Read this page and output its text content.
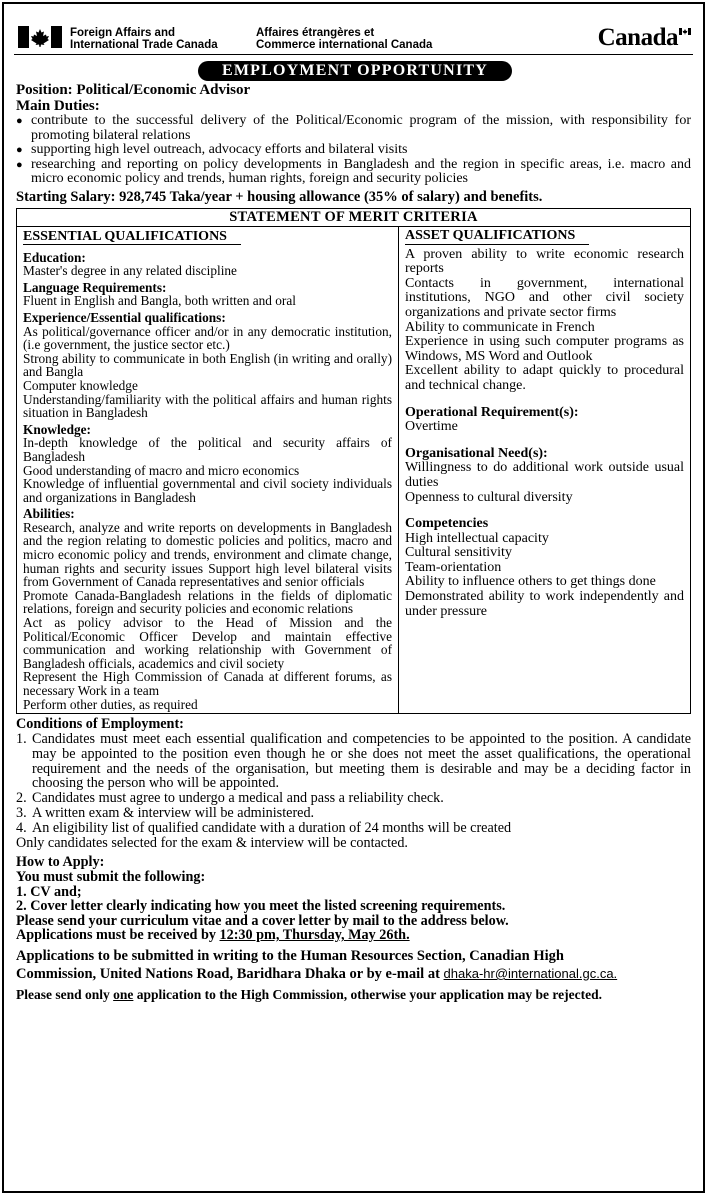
Foreign Affairs and
International Trade Canada
Affaires étrangères et
Commerce international Canada	Canada
EMPLOYMENT OPPORTUNITY
Position: Political/Economic Advisor
Main Duties:
● contribute to the successful delivery of the Political/Economic program of the mission, with responsibility for promoting bilateral relations
● supporting high level outreach, advocacy efforts and bilateral visits
● researching and reporting on policy developments in Bangladesh and the region in specific areas, i.e. macro and micro economic policy and trends, human rights, foreign and security policies
Starting Salary: 928,745 Taka/year + housing allowance (35% of salary) and benefits.
STATEMENT OF MERIT CRITERIA
ESSENTIAL QUALIFICATIONS
Education:
Master's degree in any related discipline
Language Requirements:
Fluent in English and Bangla, both written and oral
Experience/Essential qualifications:
As political/governance officer and/or in any democratic institution, (i.e government, the justice sector etc.)
Strong ability to communicate in both English (in writing and orally) and Bangla
Computer knowledge
Understanding/familiarity with the political affairs and human rights situation in Bangladesh
Knowledge:
In-depth knowledge of the political and security affairs of Bangladesh
Good understanding of macro and micro economics
Knowledge of influential governmental and civil society individuals and organizations in Bangladesh
Abilities:
Research, analyze and write reports on developments in Bangladesh and the region relating to domestic policies and politics, macro and micro economic policy and trends, environment and climate change, human rights and security issues Support high level bilateral visits from Government of Canada representatives and senior officials
Promote Canada-Bangladesh relations in the fields of diplomatic relations, foreign and security policies and economic relations
Act as policy advisor to the Head of Mission and the Political/Economic Officer Develop and maintain effective communication and working relationship with Government of Bangladesh officials, academics and civil society
Represent the High Commission of Canada at different forums, as necessary Work in a team
Perform other duties, as required
ASSET QUALIFICATIONS
A proven ability to write economic research reports
Contacts in government, international institutions, NGO and other civil society organizations and private sector firms
Ability to communicate in French
Experience in using such computer programs as Windows, MS Word and Outlook
Excellent ability to adapt quickly to procedural and technical change.
Operational Requirement(s):
Overtime
Organisational Need(s):
Willingness to do additional work outside usual duties
Openness to cultural diversity
Competencies
High intellectual capacity
Cultural sensitivity
Team-orientation
Ability to influence others to get things done
Demonstrated ability to work independently and under pressure
Conditions of Employment:
1. Candidates must meet each essential qualification and competencies to be appointed to the position. A candidate may be appointed to the position even though he or she does not meet the asset qualifications, the operational requirement and the needs of the organisation, but meeting them is desirable and may be a deciding factor in choosing the person who will be appointed.
2. Candidates must agree to undergo a medical and pass a reliability check.
3. A written exam & interview will be administered.
4. An eligibility list of qualified candidate with a duration of 24 months will be created
Only candidates selected for the exam & interview will be contacted.
How to Apply:
You must submit the following:
1. CV and;
2. Cover letter clearly indicating how you meet the listed screening requirements.
Please send your curriculum vitae and a cover letter by mail to the address below.
Applications must be received by 12:30 pm, Thursday, May 26th.
Applications to be submitted in writing to the Human Resources Section, Canadian High
Commission, United Nations Road, Baridhara Dhaka or by e-mail at dhaka-hr@international.gc.ca.
Please send only one application to the High Commission, otherwise your application may be rejected.
